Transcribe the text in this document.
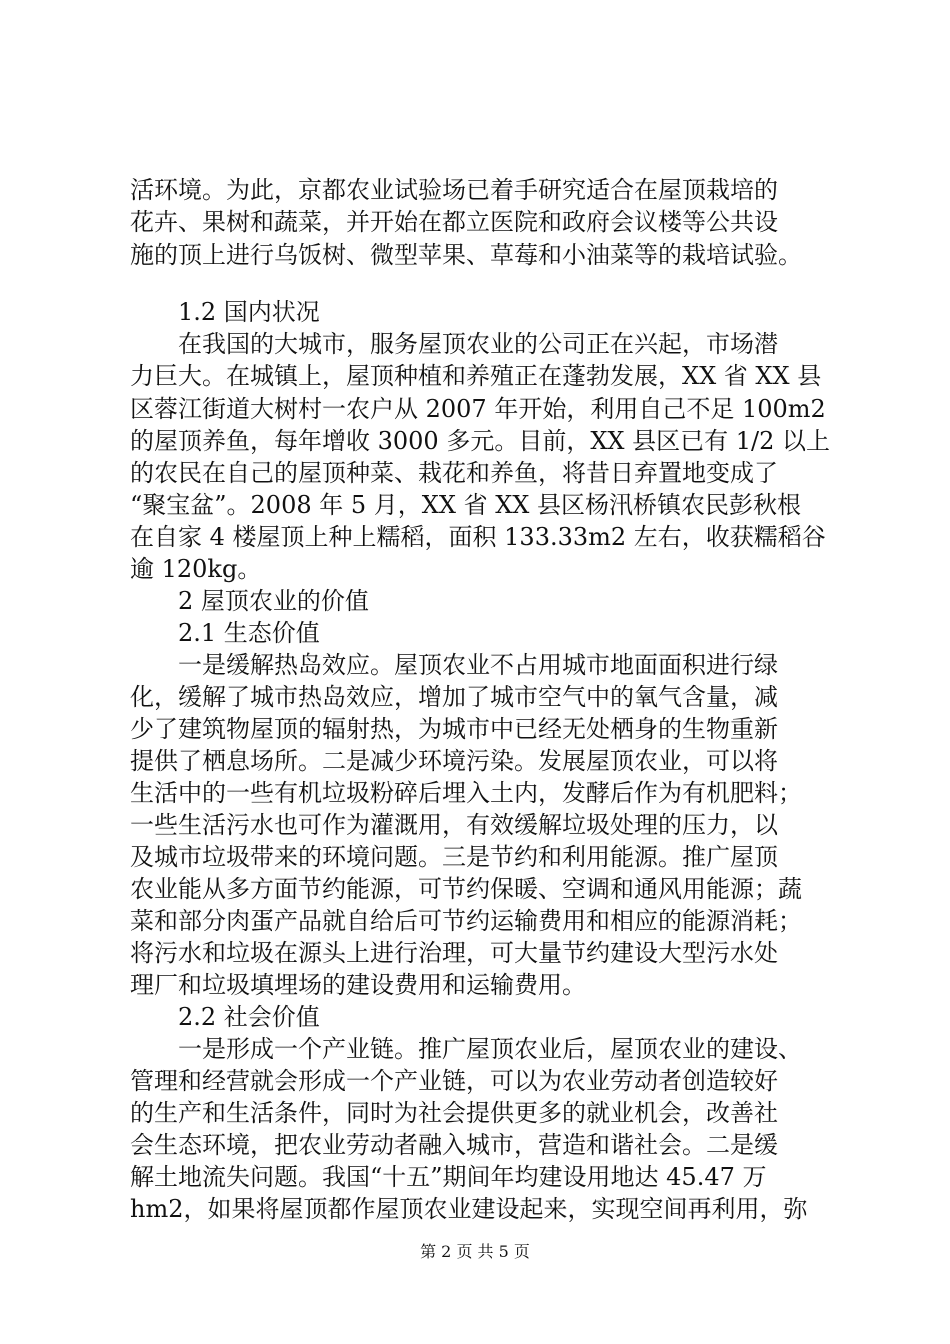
活环境。为此，京都农业试验场已着手研究适合在屋顶栽培的
花卉、果树和蔬菜，并开始在都立医院和政府会议楼等公共设
施的顶上进行乌饭树、微型苹果、草莓和小油菜等的栽培试验。
1.2 国内状况
在我国的大城市，服务屋顶农业的公司正在兴起，市场潜
力巨大。在城镇上，屋顶种植和养殖正在蓬勃发展，XX 省 XX 县
区蓉江街道大树村一农户从 2007 年开始，利用自己不足 100m2
的屋顶养鱼，每年增收 3000 多元。目前，XX 县区已有 1/2 以上
的农民在自己的屋顶种菜、栽花和养鱼，将昔日弃置地变成了
“聚宝盆”。2008 年 5 月，XX 省 XX 县区杨汛桥镇农民彭秋根
在自家 4 楼屋顶上种上糯稻，面积 133.33m2 左右，收获糯稻谷
逾 120kg。
2 屋顶农业的价值
2.1 生态价值
一是缓解热岛效应。屋顶农业不占用城市地面面积进行绿
化，缓解了城市热岛效应，增加了城市空气中的氧气含量，减
少了建筑物屋顶的辐射热，为城市中已经无处栖身的生物重新
提供了栖息场所。二是减少环境污染。发展屋顶农业，可以将
生活中的一些有机垃圾粉碎后埋入土内，发酵后作为有机肥料；
一些生活污水也可作为灌溉用，有效缓解垃圾处理的压力，以
及城市垃圾带来的环境问题。三是节约和利用能源。推广屋顶
农业能从多方面节约能源，可节约保暖、空调和通风用能源；蔬
菜和部分肉蛋产品就自给后可节约运输费用和相应的能源消耗；
将污水和垃圾在源头上进行治理，可大量节约建设大型污水处
理厂和垃圾填埋场的建设费用和运输费用。
2.2 社会价值
一是形成一个产业链。推广屋顶农业后，屋顶农业的建设、
管理和经营就会形成一个产业链，可以为农业劳动者创造较好
的生产和生活条件，同时为社会提供更多的就业机会，改善社
会生态环境，把农业劳动者融入城市，营造和谐社会。二是缓
解土地流失问题。我国“十五”期间年均建设用地达 45.47 万
hm2，如果将屋顶都作屋顶农业建设起来，实现空间再利用，弥
第 2 页 共 5 页
